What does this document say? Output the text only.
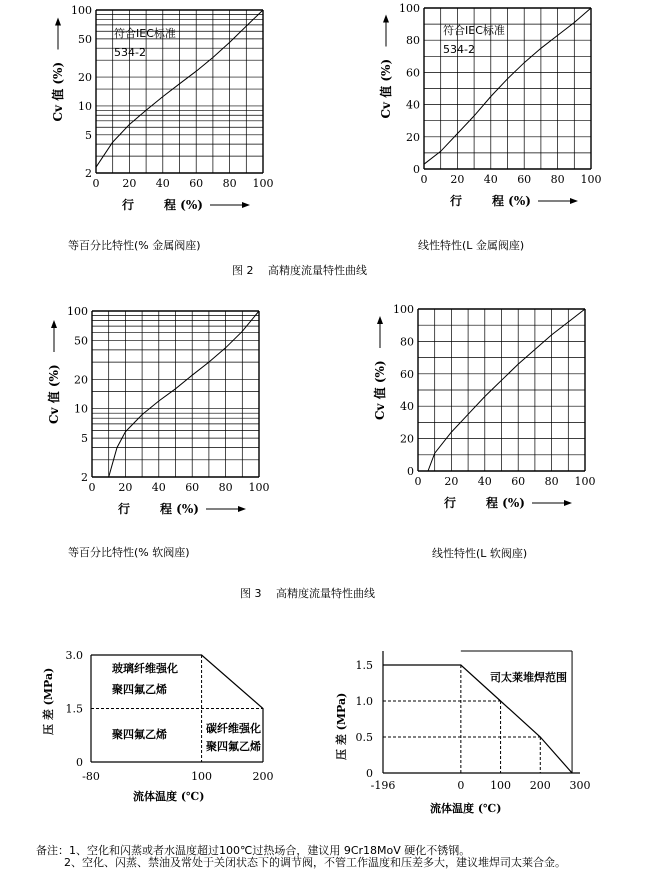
等百分比特性(% 金属阀座)	线性特性(L 金属阀座)
图 2　 高精度流量特性曲线
等百分比特性(% 软阀座)	线性特性(L 软阀座)
图 3　 高精度流量特性曲线
符合IEC标准
534-2
符合IEC标准
534-2
压 差 (MPa)
流体温度 (℃)
玻璃纤维强化
聚四氟乙烯
聚四氟乙烯	碳纤维强化
聚四氟乙烯	压 差 (MPa)
流体温度 (℃)
司太莱堆焊范围
备注：1、空化和闪蒸或者水温度超过100℃过热场合，建议用 9Cr18MoV 硬化不锈钢。
2、空化、闪蒸、禁油及常处于关闭状态下的调节阀，不管工作温度和压差多大，建议堆焊司太莱合金。
0 20 40 60 80 100
2
5
10
20
50
100
Cv 值 (%)
行 程 (%)
0 20 40 60 80 100
0
20
40
60
80
100
Cv 值 (%)
行 程 (%)
0 20 40 60 80 100
2
5
10
20
50
100
Cv 值 (%)
行 程 (%)
0 20 40 60 80 100
0
20
40
60
80
100
Cv 值 (%)
行 程 (%)
0
1.5
3.0
-80	100	200	0
0.5
1.0
1.5
-196	0 100 200 300
